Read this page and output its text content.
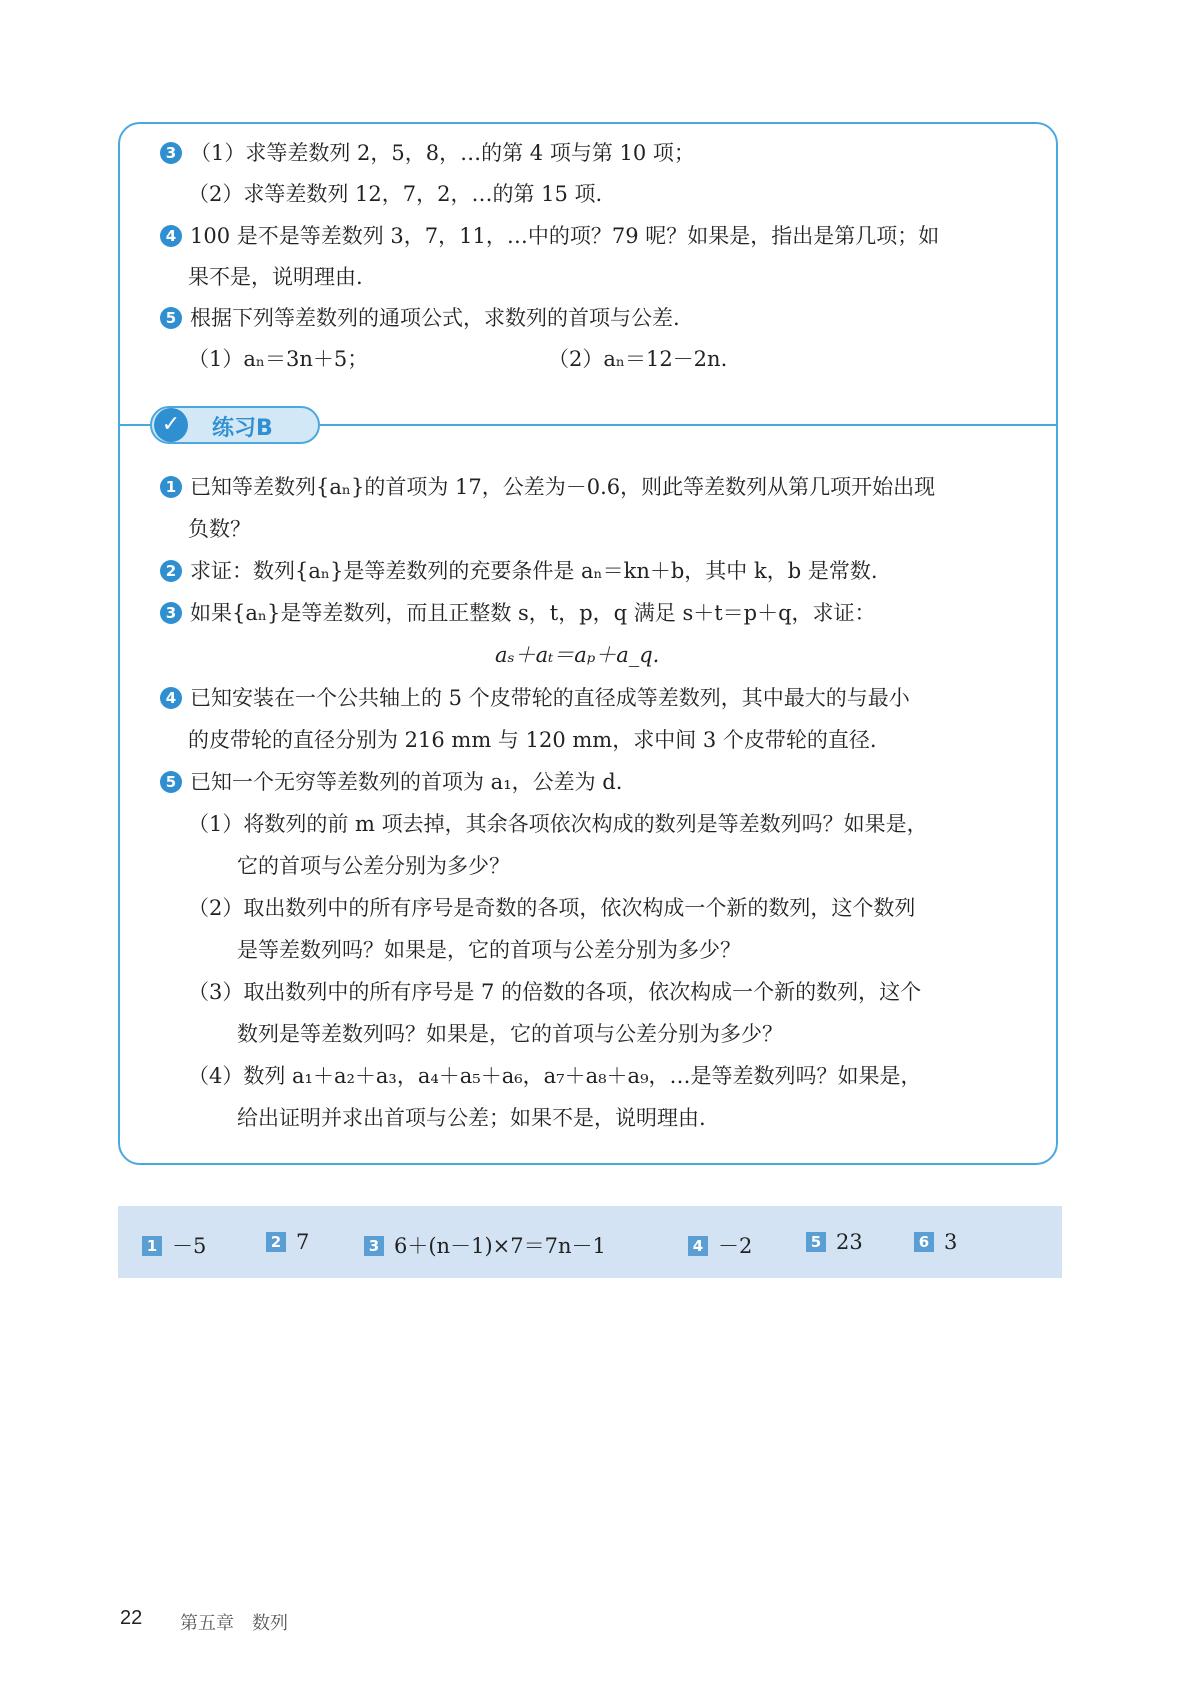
3 （1）求等差数列 2，5，8，…的第 4 项与第 10 项；
（2）求等差数列 12，7，2，…的第 15 项.
4 100 是不是等差数列 3，7，11，…中的项？79 呢？如果是，指出是第几项；如
果不是，说明理由.
5 根据下列等差数列的通项公式，求数列的首项与公差.
（1）aₙ＝3n＋5；	（2）aₙ＝12－2n.
✓	练习B
1 已知等差数列{aₙ}的首项为 17，公差为－0.6，则此等差数列从第几项开始出现
负数？
2 求证：数列{aₙ}是等差数列的充要条件是 aₙ＝kn＋b，其中 k，b 是常数.
3 如果{aₙ}是等差数列，而且正整数 s，t，p，q 满足 s＋t＝p＋q，求证：
aₛ＋aₜ＝aₚ＋a_q.
4 已知安装在一个公共轴上的 5 个皮带轮的直径成等差数列，其中最大的与最小
的皮带轮的直径分别为 216 mm 与 120 mm，求中间 3 个皮带轮的直径.
5 已知一个无穷等差数列的首项为 a₁，公差为 d.
（1）将数列的前 m 项去掉，其余各项依次构成的数列是等差数列吗？如果是，
它的首项与公差分别为多少？
（2）取出数列中的所有序号是奇数的各项，依次构成一个新的数列，这个数列
是等差数列吗？如果是，它的首项与公差分别为多少？
（3）取出数列中的所有序号是 7 的倍数的各项，依次构成一个新的数列，这个
数列是等差数列吗？如果是，它的首项与公差分别为多少？
（4）数列 a₁＋a₂＋a₃，a₄＋a₅＋a₆，a₇＋a₈＋a₉，…是等差数列吗？如果是，
给出证明并求出首项与公差；如果不是，说明理由.
1 －5	2 7	3 6＋(n－1)×7＝7n－1	4 －2	5 23	6 3
22 第五章　数列
